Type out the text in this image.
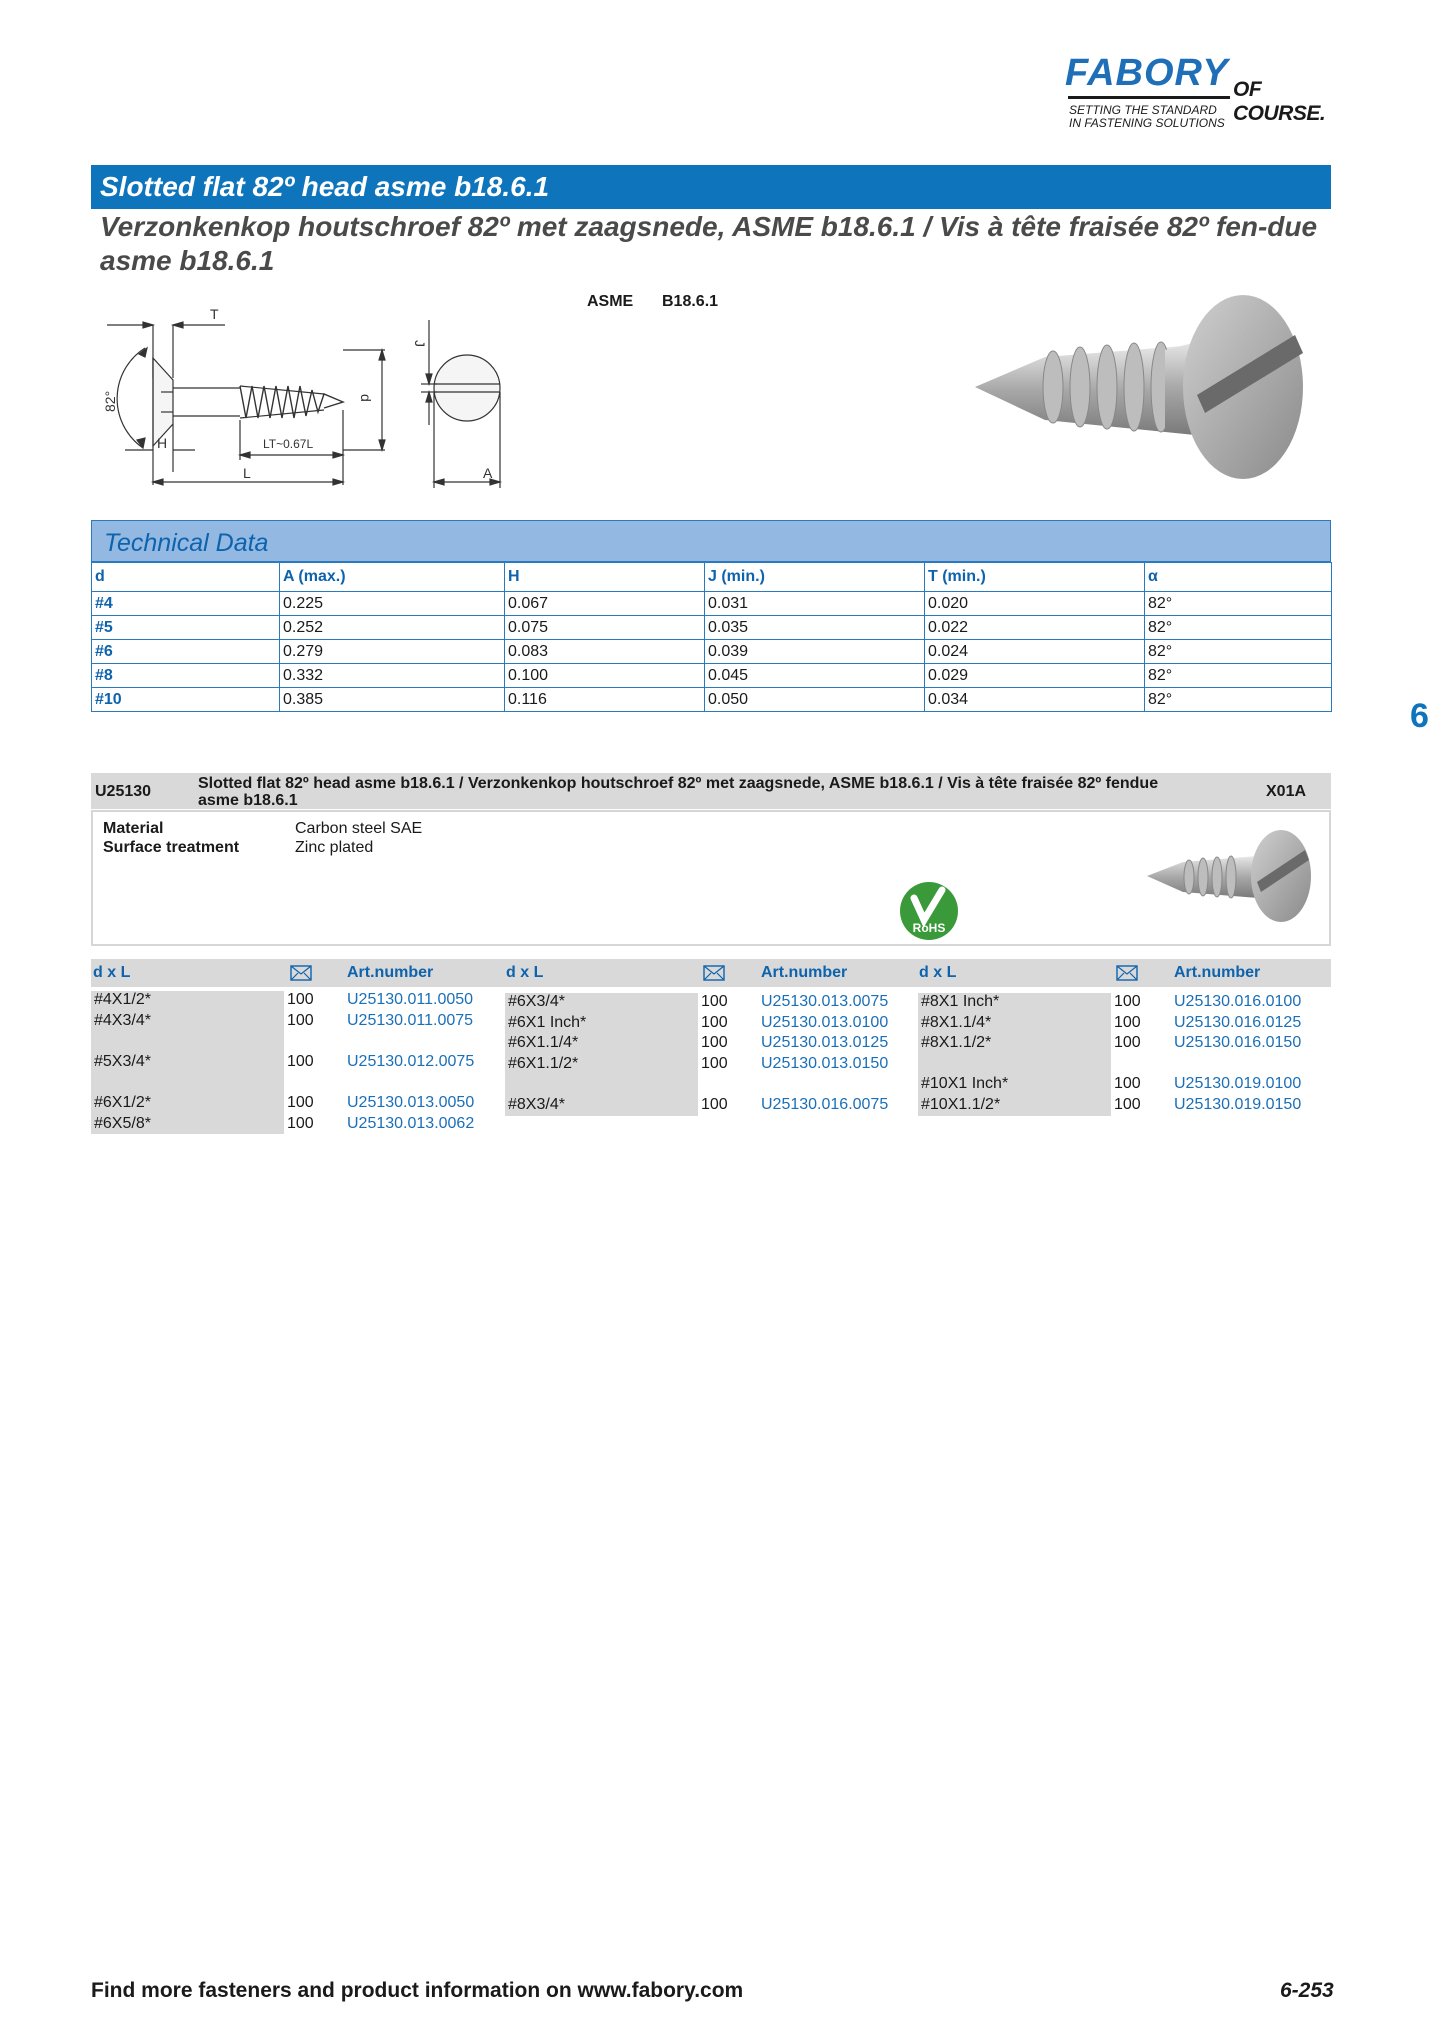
FABORY OF COURSE.
SETTING THE STANDARD
IN FASTENING SOLUTIONS
Slotted flat 82º head asme b18.6.1
Verzonkenkop houtschroef 82º met zaagsnede, ASME b18.6.1 / Vis à tête fraisée 82º fen-due asme b18.6.1
ASME B18.6.1
T
J
82°	d
H	LT~0.67L
L	A
Technical Data
d	A (max.)	H	J (min.)	T (min.)	α
#4	0.225	0.067	0.031	0.020	82°
#5	0.252	0.075	0.035	0.022	82°
#6	0.279	0.083	0.039	0.024	82°
#8	0.332	0.100	0.045	0.029	82°
#10	0.385	0.116	0.050	0.034	82°	6
U25130	Slotted flat 82º head asme b18.6.1 / Verzonkenkop houtschroef 82º met zaagsnede, ASME b18.6.1 / Vis à tête fraisée 82º fendue
asme b18.6.1
X01A
Material	Carbon steel SAE
Surface treatment	Zinc plated
RoHS
d x L	Art.number	d x L	Art.number	d x L	Art.number
#4X1/2*	100 U25130.011.0050
#4X3/4*	100 U25130.011.0075
#5X3/4*	100 U25130.012.0075
#6X1/2*	100 U25130.013.0050
#6X5/8*	100 U25130.013.0062
#6X3/4*	100 U25130.013.0075
#6X1 Inch*	100 U25130.013.0100
#6X1.1/4*	100 U25130.013.0125
#6X1.1/2*	100 U25130.013.0150
#8X3/4*	100 U25130.016.0075
#8X1 Inch*	100 U25130.016.0100
#8X1.1/4*	100 U25130.016.0125
#8X1.1/2*	100 U25130.016.0150
#10X1 Inch*	100 U25130.019.0100
#10X1.1/2*	100 U25130.019.0150
Find more fasteners and product information on www.fabory.com	6-253
